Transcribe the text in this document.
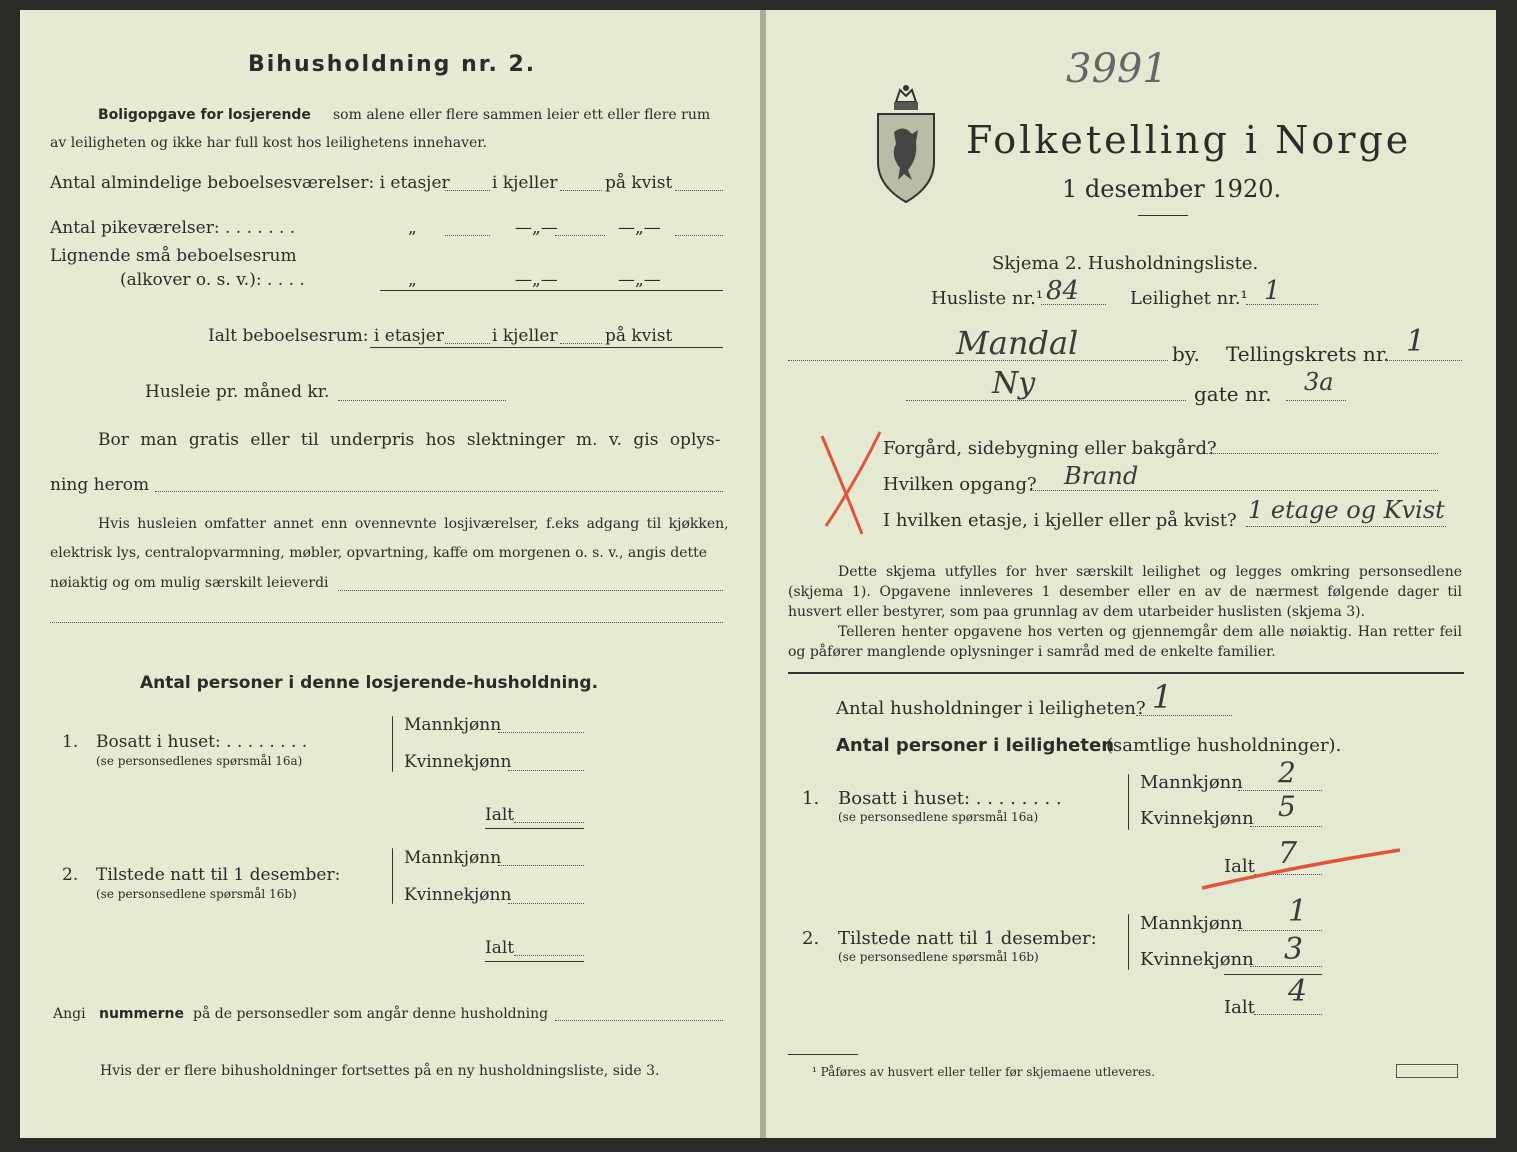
Bihusholdning nr. 2.
Boligopgave for losjerende som alene eller flere sammen leier ett eller flere rum
av leiligheten og ikke har full kost hos leilighetens innehaver.
Antal almindelige beboelsesværelser: i etasjer i kjeller	på kvist
Antal pikeværelser: . . . . . . .	„	—„—	—„—
Lignende små beboelsesrum
(alkover o. s. v.): . . . .	„	—„—	—„—
Ialt beboelsesrum: i etasjer	i kjeller	på kvist
Husleie pr. måned kr.
Bor man gratis eller til underpris hos slektninger m. v. gis oplys-
ning herom
Hvis husleien omfatter annet enn ovennevnte losjiværelser, f.eks adgang til kjøkken,
elektrisk lys, centralopvarmning, møbler, opvartning, kaffe om morgenen o. s. v., angis dette
nøiaktig og om mulig særskilt leieverdi
Antal personer i denne losjerende-husholdning.
1. Bosatt i huset: . . . . . . . .
(se personsedlenes spørsmål 16a)
Mannkjønn
Kvinnekjønn
Ialt
2. Tilstede natt til 1 desember:
(se personsedlene spørsmål 16b)
Mannkjønn
Kvinnekjønn
Ialt
Angi nummerne på de personsedler som angår denne husholdning
Hvis der er flere bihusholdninger fortsettes på en ny husholdningsliste, side 3.
3991
Folketelling i Norge
1 desember 1920.
Skjema 2. Husholdningsliste.
Husliste nr.¹ 84	Leilighet nr.¹ 1
Mandal	by. Tellingskrets nr. 1
Ny	gate nr. 3a
Forgård, sidebygning eller bakgård?
Hvilken opgang? Brand
I hvilken etasje, i kjeller eller på kvist? 1 etage og Kvist
Dette skjema utfylles for hver særskilt leilighet og legges omkring personsedlene (skjema 1). Opgavene innleveres 1 desember eller en av de nærmest følgende dager til husvert eller bestyrer, som paa grunnlag av dem utarbeider huslisten (skjema 3).
Telleren henter opgavene hos verten og gjennemgår dem alle nøiaktig. Han retter feil og påfører manglende oplysninger i samråd med de enkelte familier.
Antal husholdninger i leiligheten? 1
Antal personer i leiligheten
(samtlige husholdninger).
1. Bosatt i huset: . . . . . . . .
(se personsedlene spørsmål 16a)
Mannkjønn 2
Kvinnekjønn 5
Ialt 7
2. Tilstede natt til 1 desember:
(se personsedlene spørsmål 16b)
Mannkjønn 1
Kvinnekjønn 3
Ialt 4
¹ Påføres av husvert eller teller før skjemaene utleveres.
